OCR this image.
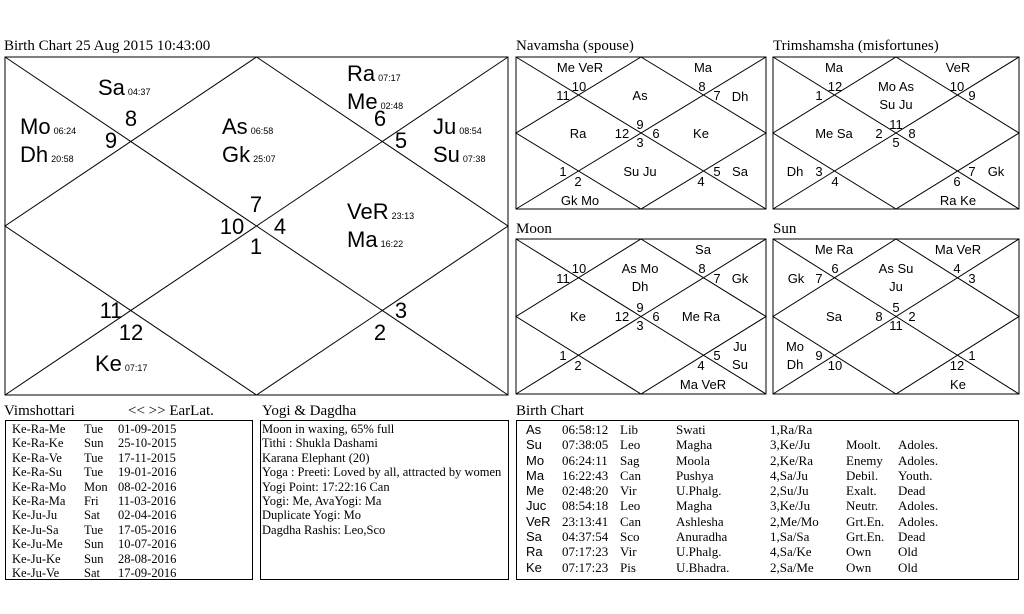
Birth Chart 25 Aug 2015 10:43:00	Navamsha (spouse)	Trimshamsha (misfortunes)
Moon	Sun
7
4
1
10
11
12	2
3
5
6
8
9
Sa 04:37
Ra 07:17
Me 02:48
Mo 06:24
Dh 20:58
As 06:58
Gk 25:07
Ju 08:54
Su 07:38
VeR 23:13
Ma 16:22
Ke 07:17
Me VeR	Ma
10	8
11	7
As	Dh
Ra 12
9
3
6	Ke
1
2
Su Ju
4
5 Sa
Gk Mo
Ma	VeR
12	10
1	9
Mo As
Su Ju
Me Sa 2
11
5
8
Dh 3
4	6
7 Gk
Ra Ke
Sa
10	8
11	7
As Mo
Dh
Gk
Ke 12
9
3
6 Me Ra
1
2	4
5
Ju
Su
Ma VeR
Me Ra	Ma VeR
6	4
Gk 7	3
As Su
Ju
Sa	8
5
11
2
Mo
Dh
9
10	12
1
Ke
Vimshottari	<< >> EarLat.
Ke-Ra-Me	Tue	01-09-2015
Ke-Ra-Ke	Sun	25-10-2015
Ke-Ra-Ve	Tue	17-11-2015
Ke-Ra-Su	Tue	19-01-2016
Ke-Ra-Mo	Mon 08-02-2016
Ke-Ra-Ma	Fri	11-03-2016
Ke-Ju-Ju	Sat	02-04-2016
Ke-Ju-Sa	Tue	17-05-2016
Ke-Ju-Me	Sun	10-07-2016
Ke-Ju-Ke	Sun	28-08-2016
Ke-Ju-Ve	Sat	17-09-2016
Yogi & Dagdha
Moon in waxing, 65% full
Tithi : Shukla Dashami
Karana Elephant (20)
Yoga : Preeti: Loved by all, attracted by women
Yogi Point: 17:22:16 Can
Yogi: Me, AvaYogi: Ma
Duplicate Yogi: Mo
Dagdha Rashis: Leo,Sco
Birth Chart
As	06:58:12 Lib	Swati	1,Ra/Ra
Su	07:38:05 Leo	Magha	3,Ke/Ju	Moolt.	Adoles.
Mo	06:24:11 Sag	Moola	2,Ke/Ra	Enemy	Adoles.
Ma	16:22:43 Can	Pushya	4,Sa/Ju	Debil.	Youth.
Me	02:48:20 Vir	U.Phalg.	2,Su/Ju	Exalt.	Dead
Juc	08:54:18 Leo	Magha	3,Ke/Ju	Neutr.	Adoles.
VeR 23:13:41 Can	Ashlesha	2,Me/Mo	Grt.En.	Adoles.
Sa	04:37:54 Sco	Anuradha	1,Sa/Sa	Grt.En.	Dead
Ra	07:17:23 Vir	U.Phalg.	4,Sa/Ke	Own	Old
Ke	07:17:23 Pis	U.Bhadra.	2,Sa/Me	Own	Old
